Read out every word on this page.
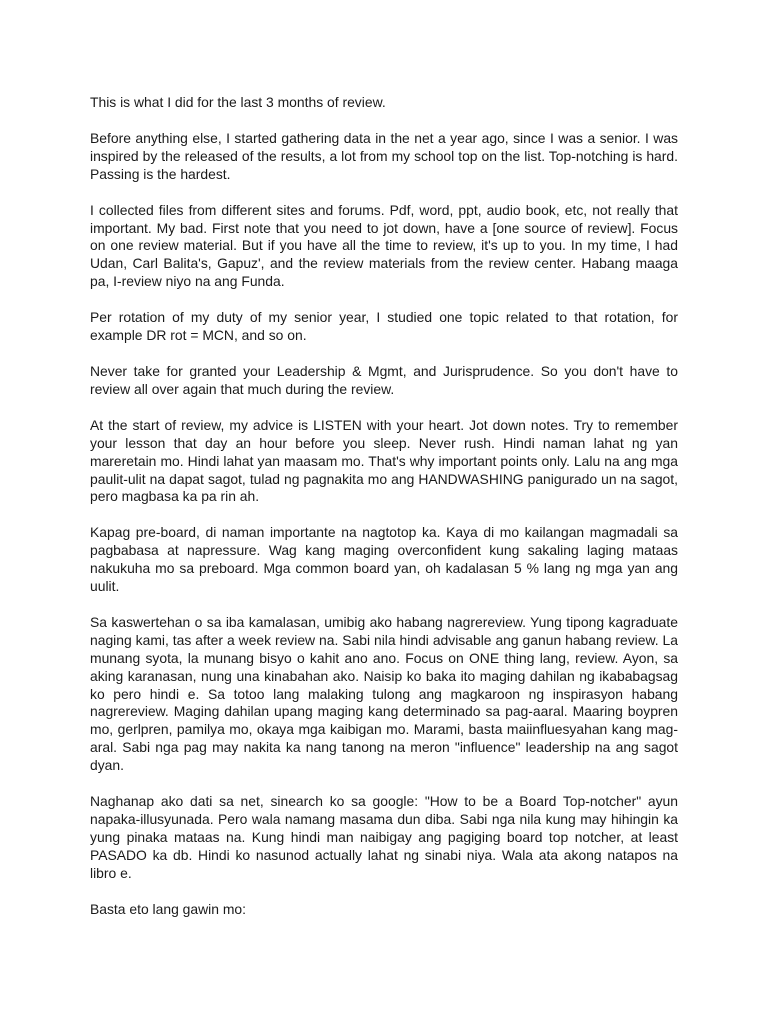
This is what I did for the last 3 months of review.

Before anything else, I started gathering data in the net a year ago, since I was a senior. I was inspired by the released of the results, a lot from my school top on the list. Top-notching is hard. Passing is the hardest.

I collected files from different sites and forums. Pdf, word, ppt, audio book, etc, not really that important. My bad. First note that you need to jot down, have a [one source of review]. Focus on one review material. But if you have all the time to review, it's up to you. In my time, I had Udan, Carl Balita's, Gapuz', and the review materials from the review center. Habang maaga pa, I-review niyo na ang Funda.

Per rotation of my duty of my senior year, I studied one topic related to that rotation, for example DR rot = MCN, and so on.

Never take for granted your Leadership & Mgmt, and Jurisprudence. So you don't have to review all over again that much during the review.

At the start of review, my advice is LISTEN with your heart. Jot down notes. Try to remember your lesson that day an hour before you sleep. Never rush. Hindi naman lahat ng yan mareretain mo. Hindi lahat yan maasam mo. That's why important points only. Lalu na ang mga paulit-ulit na dapat sagot, tulad ng pagnakita mo ang HANDWASHING panigurado un na sagot, pero magbasa ka pa rin ah.

Kapag pre-board, di naman importante na nagtotop ka. Kaya di mo kailangan magmadali sa pagbabasa at napressure. Wag kang maging overconfident kung sakaling laging mataas nakukuha mo sa preboard. Mga common board yan, oh kadalasan 5 % lang ng mga yan ang uulit.

Sa kaswertehan o sa iba kamalasan, umibig ako habang nagrereview. Yung tipong kagraduate naging kami, tas after a week review na. Sabi nila hindi advisable ang ganun habang review. La munang syota, la munang bisyo o kahit ano ano. Focus on ONE thing lang, review. Ayon, sa aking karanasan, nung una kinabahan ako. Naisip ko baka ito maging dahilan ng ikababagsag ko pero hindi e. Sa totoo lang malaking tulong ang magkaroon ng inspirasyon habang nagrereview. Maging dahilan upang maging kang determinado sa pag-aaral. Maaring boypren mo, gerlpren, pamilya mo, okaya mga kaibigan mo. Marami, basta maiinfluesyahan kang mag-aral. Sabi nga pag may nakita ka nang tanong na meron "influence" leadership na ang sagot dyan.

Naghanap ako dati sa net, sinearch ko sa google: "How to be a Board Top-notcher" ayun napaka-illusyunada. Pero wala namang masama dun diba. Sabi nga nila kung may hihingin ka yung pinaka mataas na. Kung hindi man naibigay ang pagiging board top notcher, at least PASADO ka db. Hindi ko nasunod actually lahat ng sinabi niya. Wala ata akong natapos na libro e.

Basta eto lang gawin mo:
